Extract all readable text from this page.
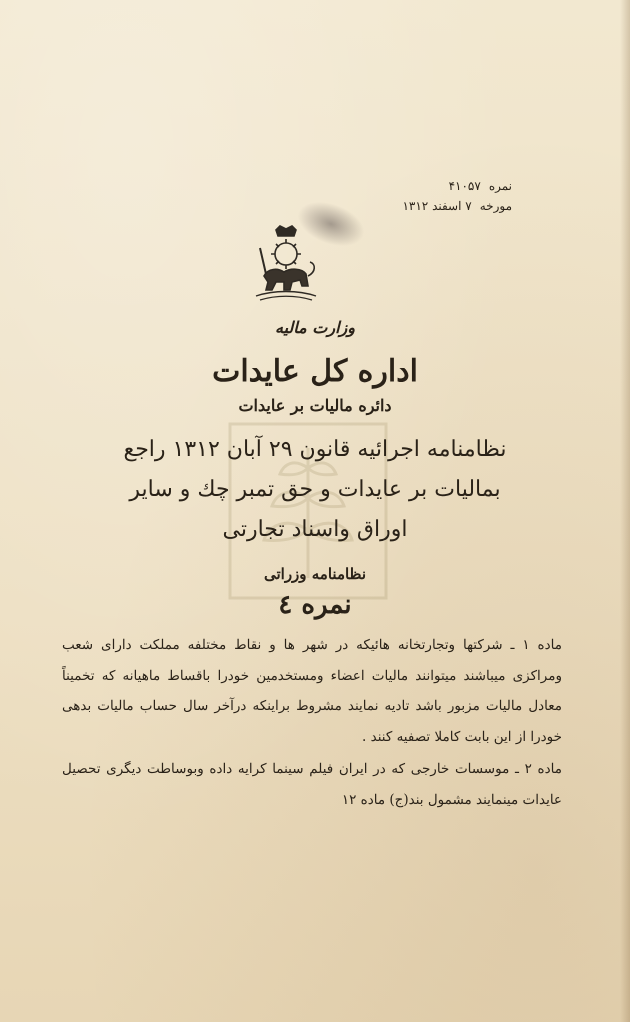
نمره۴۱۰۵۷
مورخه۷ اسفند ۱۳۱۲
وزارت مالیه
اداره کل عایدات
دائره مالیات بر عایدات
نظامنامه اجرائیه قانون ۲۹ آبان ۱۳۱۲ راجع
بمالیات بر عایدات و حق تمبر چك و سایر
اوراق واسناد تجارتی
نظامنامه وزراتی
نمره ٤

ماده ۱ ـ شرکتها وتجارتخانه هائیکه در شهر ها و نقاط مختلفه مملکت دارای شعب ومراکزی میباشند میتوانند مالیات اعضاء ومستخدمین خودرا باقساط ماهیانه که تخمیناً معادل مالیات مزبور باشد تادیه نمایند مشروط براینکه درآخر سال حساب مالیات بدهی خودرا از این بابت کاملا تصفیه کنند .

ماده ۲ ـ موسسات خارجی که در ایران فیلم سینما کرایه داده وبوساطت دیگری تحصیل عایدات مینمایند مشمول بند(ج) ماده ۱۲
